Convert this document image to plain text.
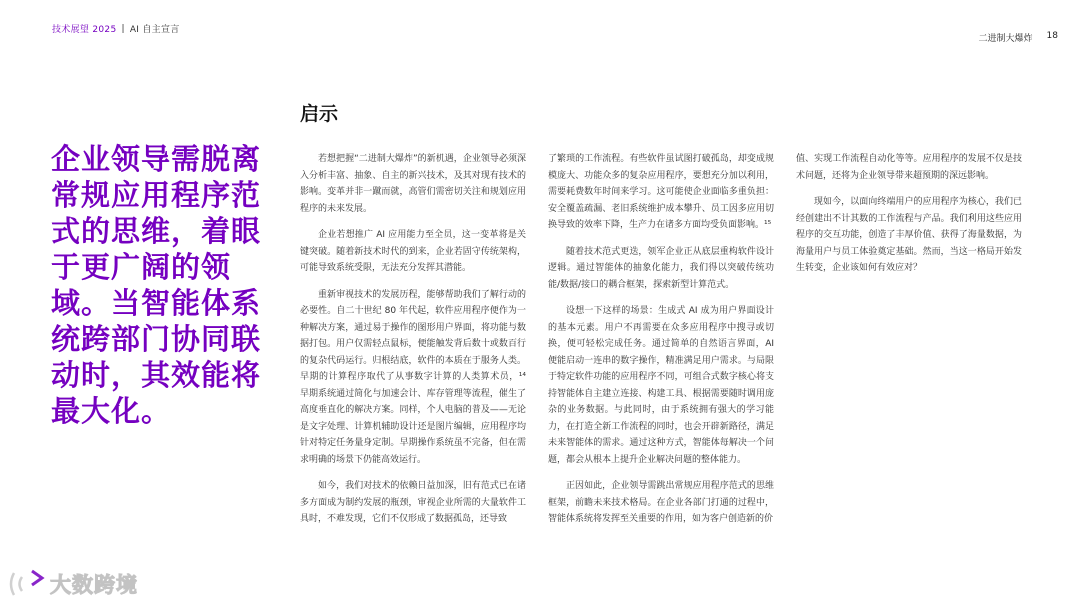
技术展望 2025 | AI 自主宣言
二进制大爆炸 18
企业领导需脱离常规应用程序范式的思维，着眼于更广阔的领域。当智能体系统跨部门协同联动时，其效能将最大化。
启示

若想把握“二进制大爆炸”的新机遇，企业领导必须深入分析丰富、抽象、自主的新兴技术，及其对现有技术的影响。变革并非一蹴而就，高管们需密切关注和规划应用程序的未来发展。

企业若想推广 AI 应用能力至全员，这一变革将是关键突破。随着新技术时代的到来，企业若固守传统架构，可能导致系统受限，无法充分发挥其潜能。

重新审视技术的发展历程，能够帮助我们了解行动的必要性。自二十世纪 80 年代起，软件应用程序便作为一种解决方案，通过易于操作的图形用户界面，将功能与数据打包。用户仅需轻点鼠标，便能触发背后数十或数百行的复杂代码运行。归根结底，软件的本质在于服务人类。早期的计算程序取代了从事数字计算的人类算术员，¹⁴ 早期系统通过简化与加速会计、库存管理等流程，催生了高度垂直化的解决方案。同样，个人电脑的普及——无论是文字处理、计算机辅助设计还是图片编辑，应用程序均针对特定任务量身定制。早期操作系统虽不完备，但在需求明确的场景下仍能高效运行。

如今，我们对技术的依赖日益加深，旧有范式已在诸多方面成为制约发展的瓶颈，审视企业所需的大量软件工具时，不难发现，它们不仅形成了数据孤岛，还导致

了繁琐的工作流程。有些软件虽试图打破孤岛，却变成规模庞大、功能众多的复杂应用程序，要想充分加以利用，需要耗费数年时间来学习。这可能使企业面临多重负担：安全覆盖疏漏、老旧系统维护成本攀升、员工因多应用切换导致的效率下降，生产力在诸多方面均受负面影响。¹⁵

随着技术范式更迭，领军企业正从底层重构软件设计逻辑。通过智能体的抽象化能力，我们得以突破传统功能/数据/接口的耦合框架，探索新型计算范式。

设想一下这样的场景：生成式 AI 成为用户界面设计的基本元素。用户不再需要在众多应用程序中搜寻或切换，便可轻松完成任务。通过简单的自然语言界面，AI 便能启动一连串的数字操作，精准满足用户需求。与局限于特定软件功能的应用程序不同，可组合式数字核心将支持智能体自主建立连接、构建工具、根据需要随时调用庞杂的业务数据。与此同时，由于系统拥有强大的学习能力，在打造全新工作流程的同时，也会开辟新路径，满足未来智能体的需求。通过这种方式，智能体每解决一个问题，都会从根本上提升企业解决问题的整体能力。

正因如此，企业领导需跳出常规应用程序范式的思维框架，前瞻未来技术格局。在企业各部门打通的过程中，智能体系统将发挥至关重要的作用，如为客户创造新的价

值、实现工作流程自动化等等。应用程序的发展不仅是技术问题，还将为企业领导带来超预期的深远影响。

现如今，以面向终端用户的应用程序为核心，我们已经创建出不计其数的工作流程与产品。我们利用这些应用程序的交互功能，创造了丰厚价值、获得了海量数据，为海量用户与员工体验奠定基础。然而，当这一格局开始发生转变，企业该如何有效应对？

大数跨境
